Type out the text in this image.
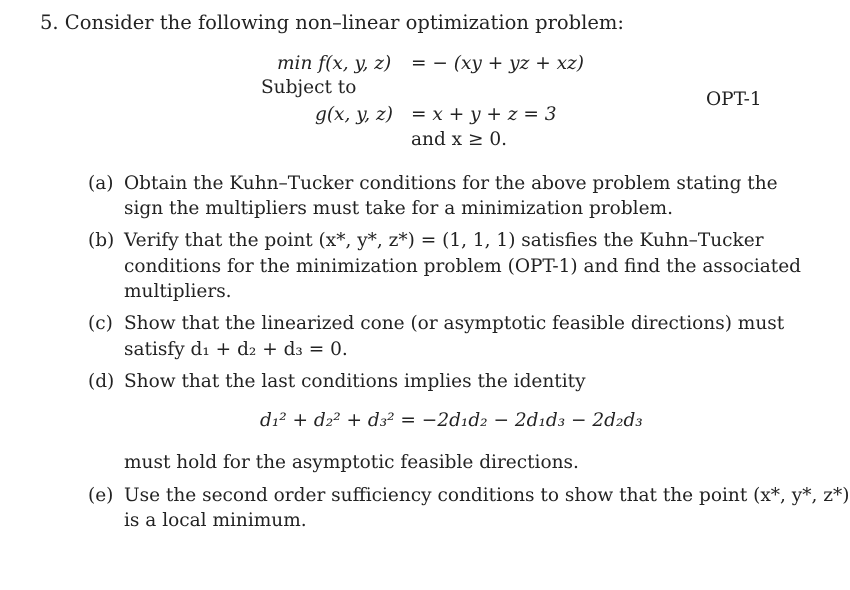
5. Consider the following non–linear optimization problem:
min f(x, y, z) = − (xy + yz + xz)
Subject to
g(x, y, z) = x + y + z = 3
and x ≥ 0.
OPT-1
(a) Obtain the Kuhn–Tucker conditions for the above problem stating the
sign the multipliers must take for a minimization problem.
(b) Verify that the point (x*, y*, z*) = (1, 1, 1) satisfies the Kuhn–Tucker
conditions for the minimization problem (OPT-1) and find the associated
multipliers.
(c) Show that the linearized cone (or asymptotic feasible directions) must
satisfy d₁ + d₂ + d₃ = 0.
(d) Show that the last conditions implies the identity
d₁² + d₂² + d₃² = −2d₁d₂ − 2d₁d₃ − 2d₂d₃
must hold for the asymptotic feasible directions.
(e) Use the second order sufficiency conditions to show that the point (x*, y*, z*)
is a local minimum.
